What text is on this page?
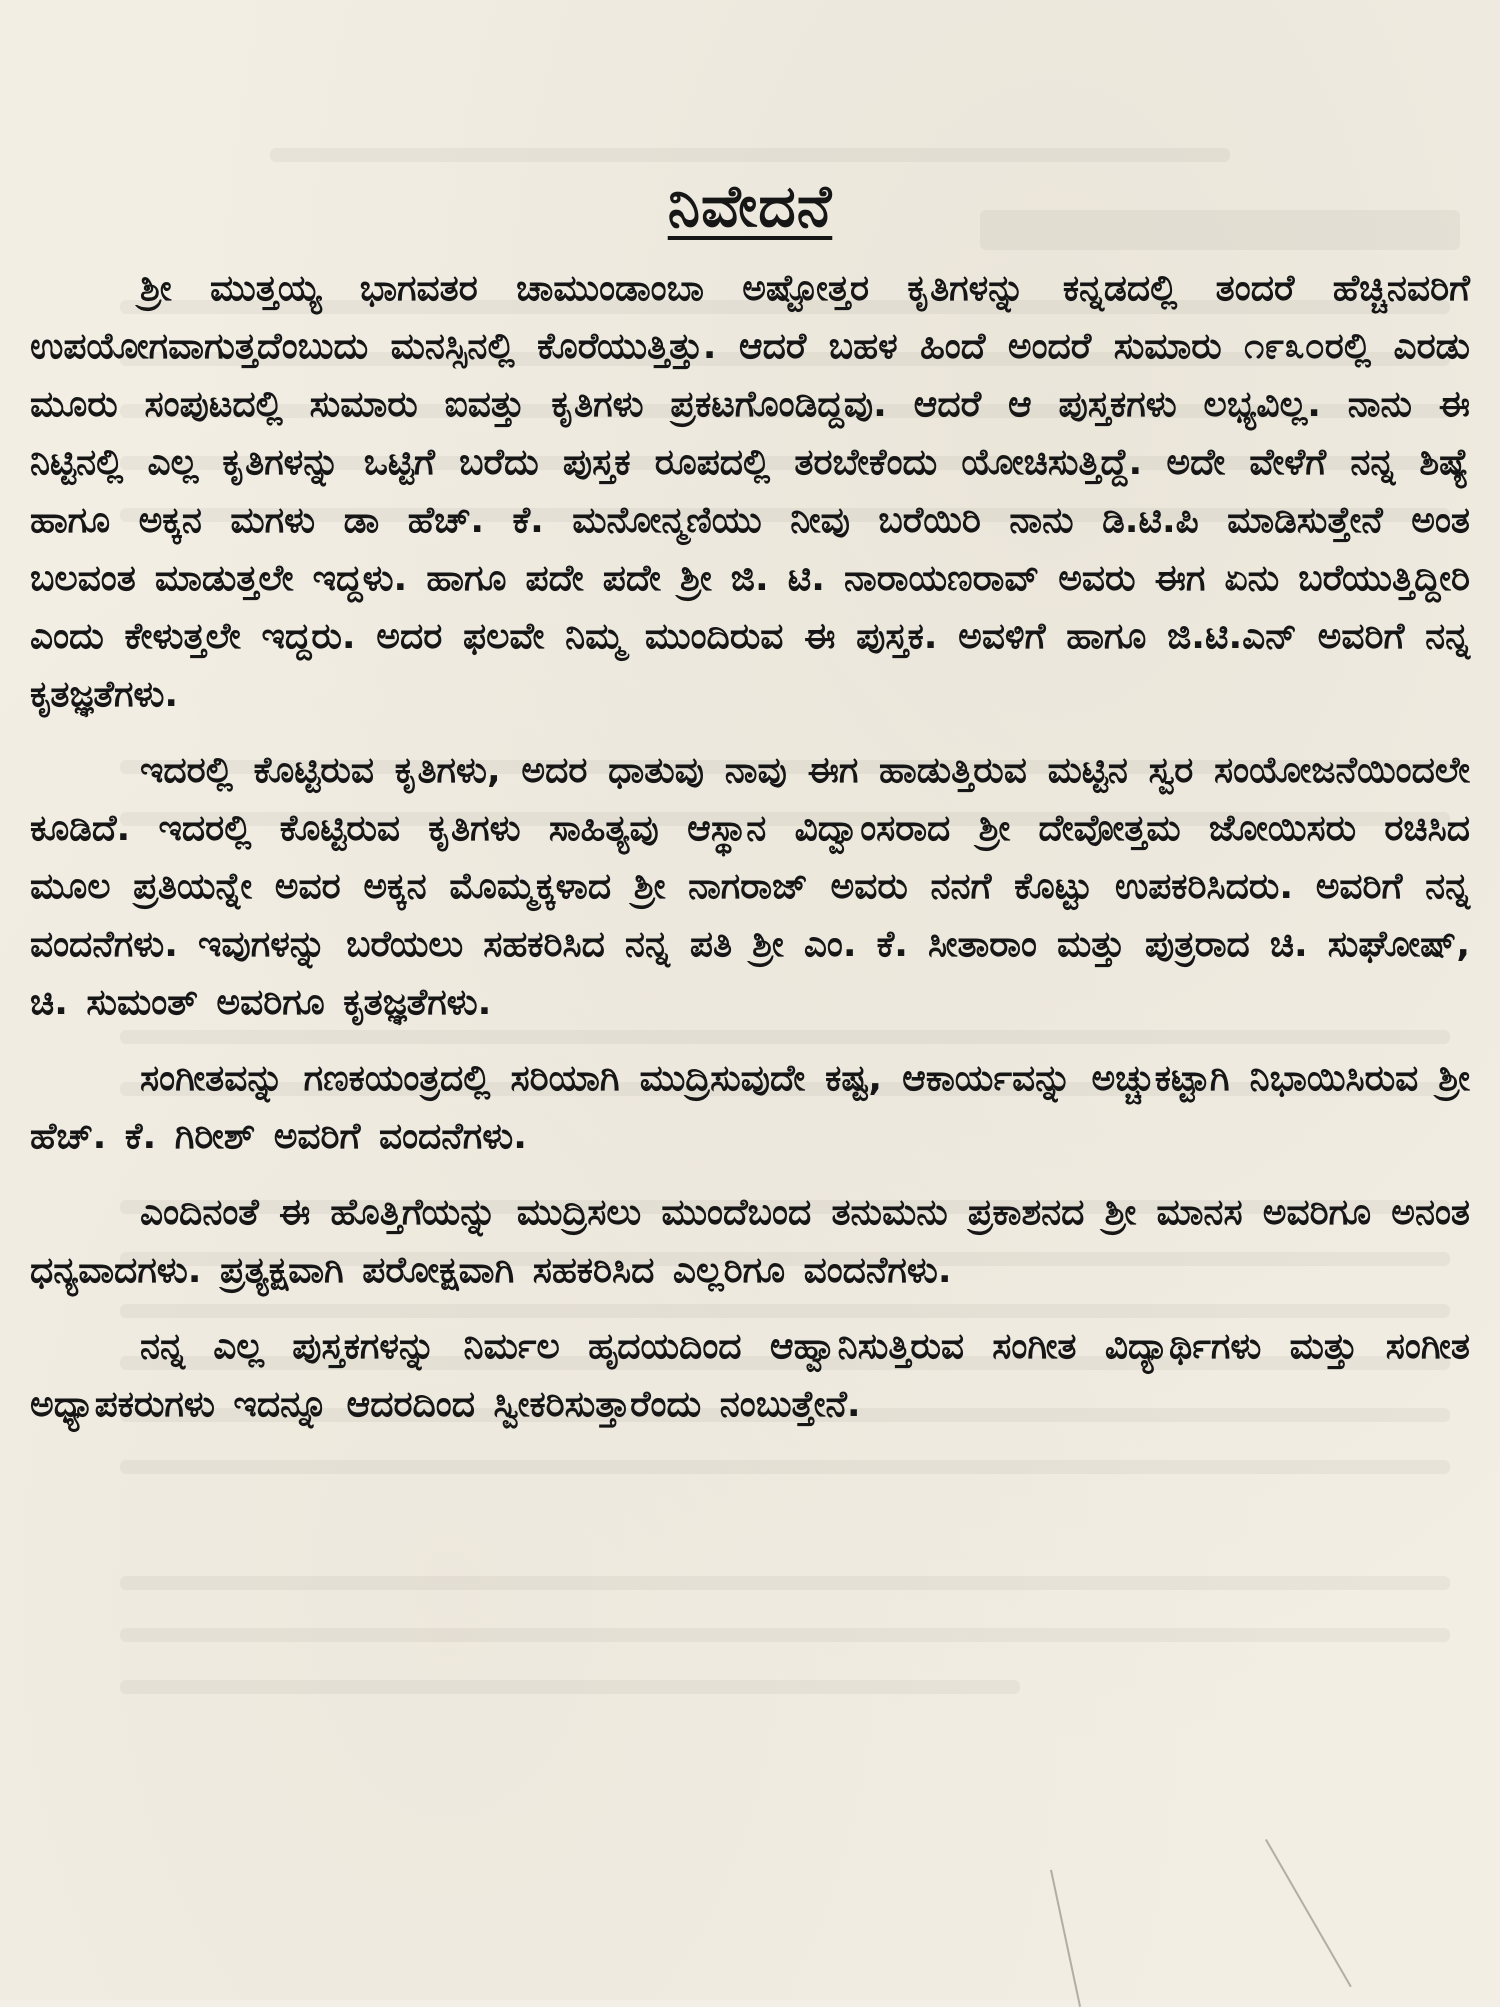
ನಿವೇದನೆ

ಶ್ರೀ ಮುತ್ತಯ್ಯ ಭಾಗವತರ ಚಾಮುಂಡಾಂಬಾ ಅಷ್ಟೋತ್ತರ ಕೃತಿಗಳನ್ನು ಕನ್ನಡದಲ್ಲಿ ತಂದರೆ ಹೆಚ್ಚಿನವರಿಗೆ ಉಪಯೋಗವಾಗುತ್ತದೆಂಬುದು ಮನಸ್ಸಿನಲ್ಲಿ ಕೊರೆಯುತ್ತಿತ್ತು. ಆದರೆ ಬಹಳ ಹಿಂದೆ ಅಂದರೆ ಸುಮಾರು ೧೯೩೦ರಲ್ಲಿ ಎರಡು ಮೂರು ಸಂಪುಟದಲ್ಲಿ ಸುಮಾರು ಐವತ್ತು ಕೃತಿಗಳು ಪ್ರಕಟಗೊಂಡಿದ್ದವು. ಆದರೆ ಆ ಪುಸ್ತಕಗಳು ಲಭ್ಯವಿಲ್ಲ. ನಾನು ಈ ನಿಟ್ಟಿನಲ್ಲಿ ಎಲ್ಲ ಕೃತಿಗಳನ್ನು ಒಟ್ಟಿಗೆ ಬರೆದು ಪುಸ್ತಕ ರೂಪದಲ್ಲಿ ತರಬೇಕೆಂದು ಯೋಚಿಸುತ್ತಿದ್ದೆ. ಅದೇ ವೇಳೆಗೆ ನನ್ನ ಶಿಷ್ಯೆ ಹಾಗೂ ಅಕ್ಕನ ಮಗಳು ಡಾ ಹೆಚ್. ಕೆ. ಮನೋನ್ಮಣಿಯು ನೀವು ಬರೆಯಿರಿ ನಾನು ಡಿ.ಟಿ.ಪಿ ಮಾಡಿಸುತ್ತೇನೆ ಅಂತ ಬಲವಂತ ಮಾಡುತ್ತಲೇ ಇದ್ದಳು. ಹಾಗೂ ಪದೇ ಪದೇ ಶ್ರೀ ಜಿ. ಟಿ. ನಾರಾಯಣರಾವ್ ಅವರು ಈಗ ಏನು ಬರೆಯುತ್ತಿದ್ದೀರಿ ಎಂದು ಕೇಳುತ್ತಲೇ ಇದ್ದರು. ಅದರ ಫಲವೇ ನಿಮ್ಮ ಮುಂದಿರುವ ಈ ಪುಸ್ತಕ. ಅವಳಿಗೆ ಹಾಗೂ ಜಿ.ಟಿ.ಎನ್ ಅವರಿಗೆ ನನ್ನ ಕೃತಜ್ಞತೆಗಳು.

ಇದರಲ್ಲಿ ಕೊಟ್ಟಿರುವ ಕೃತಿಗಳು, ಅದರ ಧಾತುವು ನಾವು ಈಗ ಹಾಡುತ್ತಿರುವ ಮಟ್ಟಿನ ಸ್ವರ ಸಂಯೋಜನೆಯಿಂದಲೇ ಕೂಡಿದೆ. ಇದರಲ್ಲಿ ಕೊಟ್ಟಿರುವ ಕೃತಿಗಳು ಸಾಹಿತ್ಯವು ಆಸ್ಥಾನ ವಿದ್ವಾಂಸರಾದ ಶ್ರೀ ದೇವೋತ್ತಮ ಜೋಯಿಸರು ರಚಿಸಿದ ಮೂಲ ಪ್ರತಿಯನ್ನೇ ಅವರ ಅಕ್ಕನ ಮೊಮ್ಮಕ್ಕಳಾದ ಶ್ರೀ ನಾಗರಾಜ್ ಅವರು ನನಗೆ ಕೊಟ್ಟು ಉಪಕರಿಸಿದರು. ಅವರಿಗೆ ನನ್ನ ವಂದನೆಗಳು. ಇವುಗಳನ್ನು ಬರೆಯಲು ಸಹಕರಿಸಿದ ನನ್ನ ಪತಿ ಶ್ರೀ ಎಂ. ಕೆ. ಸೀತಾರಾಂ ಮತ್ತು ಪುತ್ರರಾದ ಚಿ. ಸುಘೋಷ್, ಚಿ. ಸುಮಂತ್ ಅವರಿಗೂ ಕೃತಜ್ಞತೆಗಳು.

ಸಂಗೀತವನ್ನು ಗಣಕಯಂತ್ರದಲ್ಲಿ ಸರಿಯಾಗಿ ಮುದ್ರಿಸುವುದೇ ಕಷ್ಟ, ಆಕಾರ್ಯವನ್ನು ಅಚ್ಚುಕಟ್ಟಾಗಿ ನಿಭಾಯಿಸಿರುವ ಶ್ರೀ ಹೆಚ್. ಕೆ. ಗಿರೀಶ್ ಅವರಿಗೆ ವಂದನೆಗಳು.

ಎಂದಿನಂತೆ ಈ ಹೊತ್ತಿಗೆಯನ್ನು ಮುದ್ರಿಸಲು ಮುಂದೆಬಂದ ತನುಮನು ಪ್ರಕಾಶನದ ಶ್ರೀ ಮಾನಸ ಅವರಿಗೂ ಅನಂತ ಧನ್ಯವಾದಗಳು. ಪ್ರತ್ಯಕ್ಷವಾಗಿ ಪರೋಕ್ಷವಾಗಿ ಸಹಕರಿಸಿದ ಎಲ್ಲರಿಗೂ ವಂದನೆಗಳು.

ನನ್ನ ಎಲ್ಲ ಪುಸ್ತಕಗಳನ್ನು ನಿರ್ಮಲ ಹೃದಯದಿಂದ ಆಹ್ವಾನಿಸುತ್ತಿರುವ ಸಂಗೀತ ವಿದ್ಯಾರ್ಥಿಗಳು ಮತ್ತು ಸಂಗೀತ ಅಧ್ಯಾಪಕರುಗಳು ಇದನ್ನೂ ಆದರದಿಂದ ಸ್ವೀಕರಿಸುತ್ತಾರೆಂದು ನಂಬುತ್ತೇನೆ.
